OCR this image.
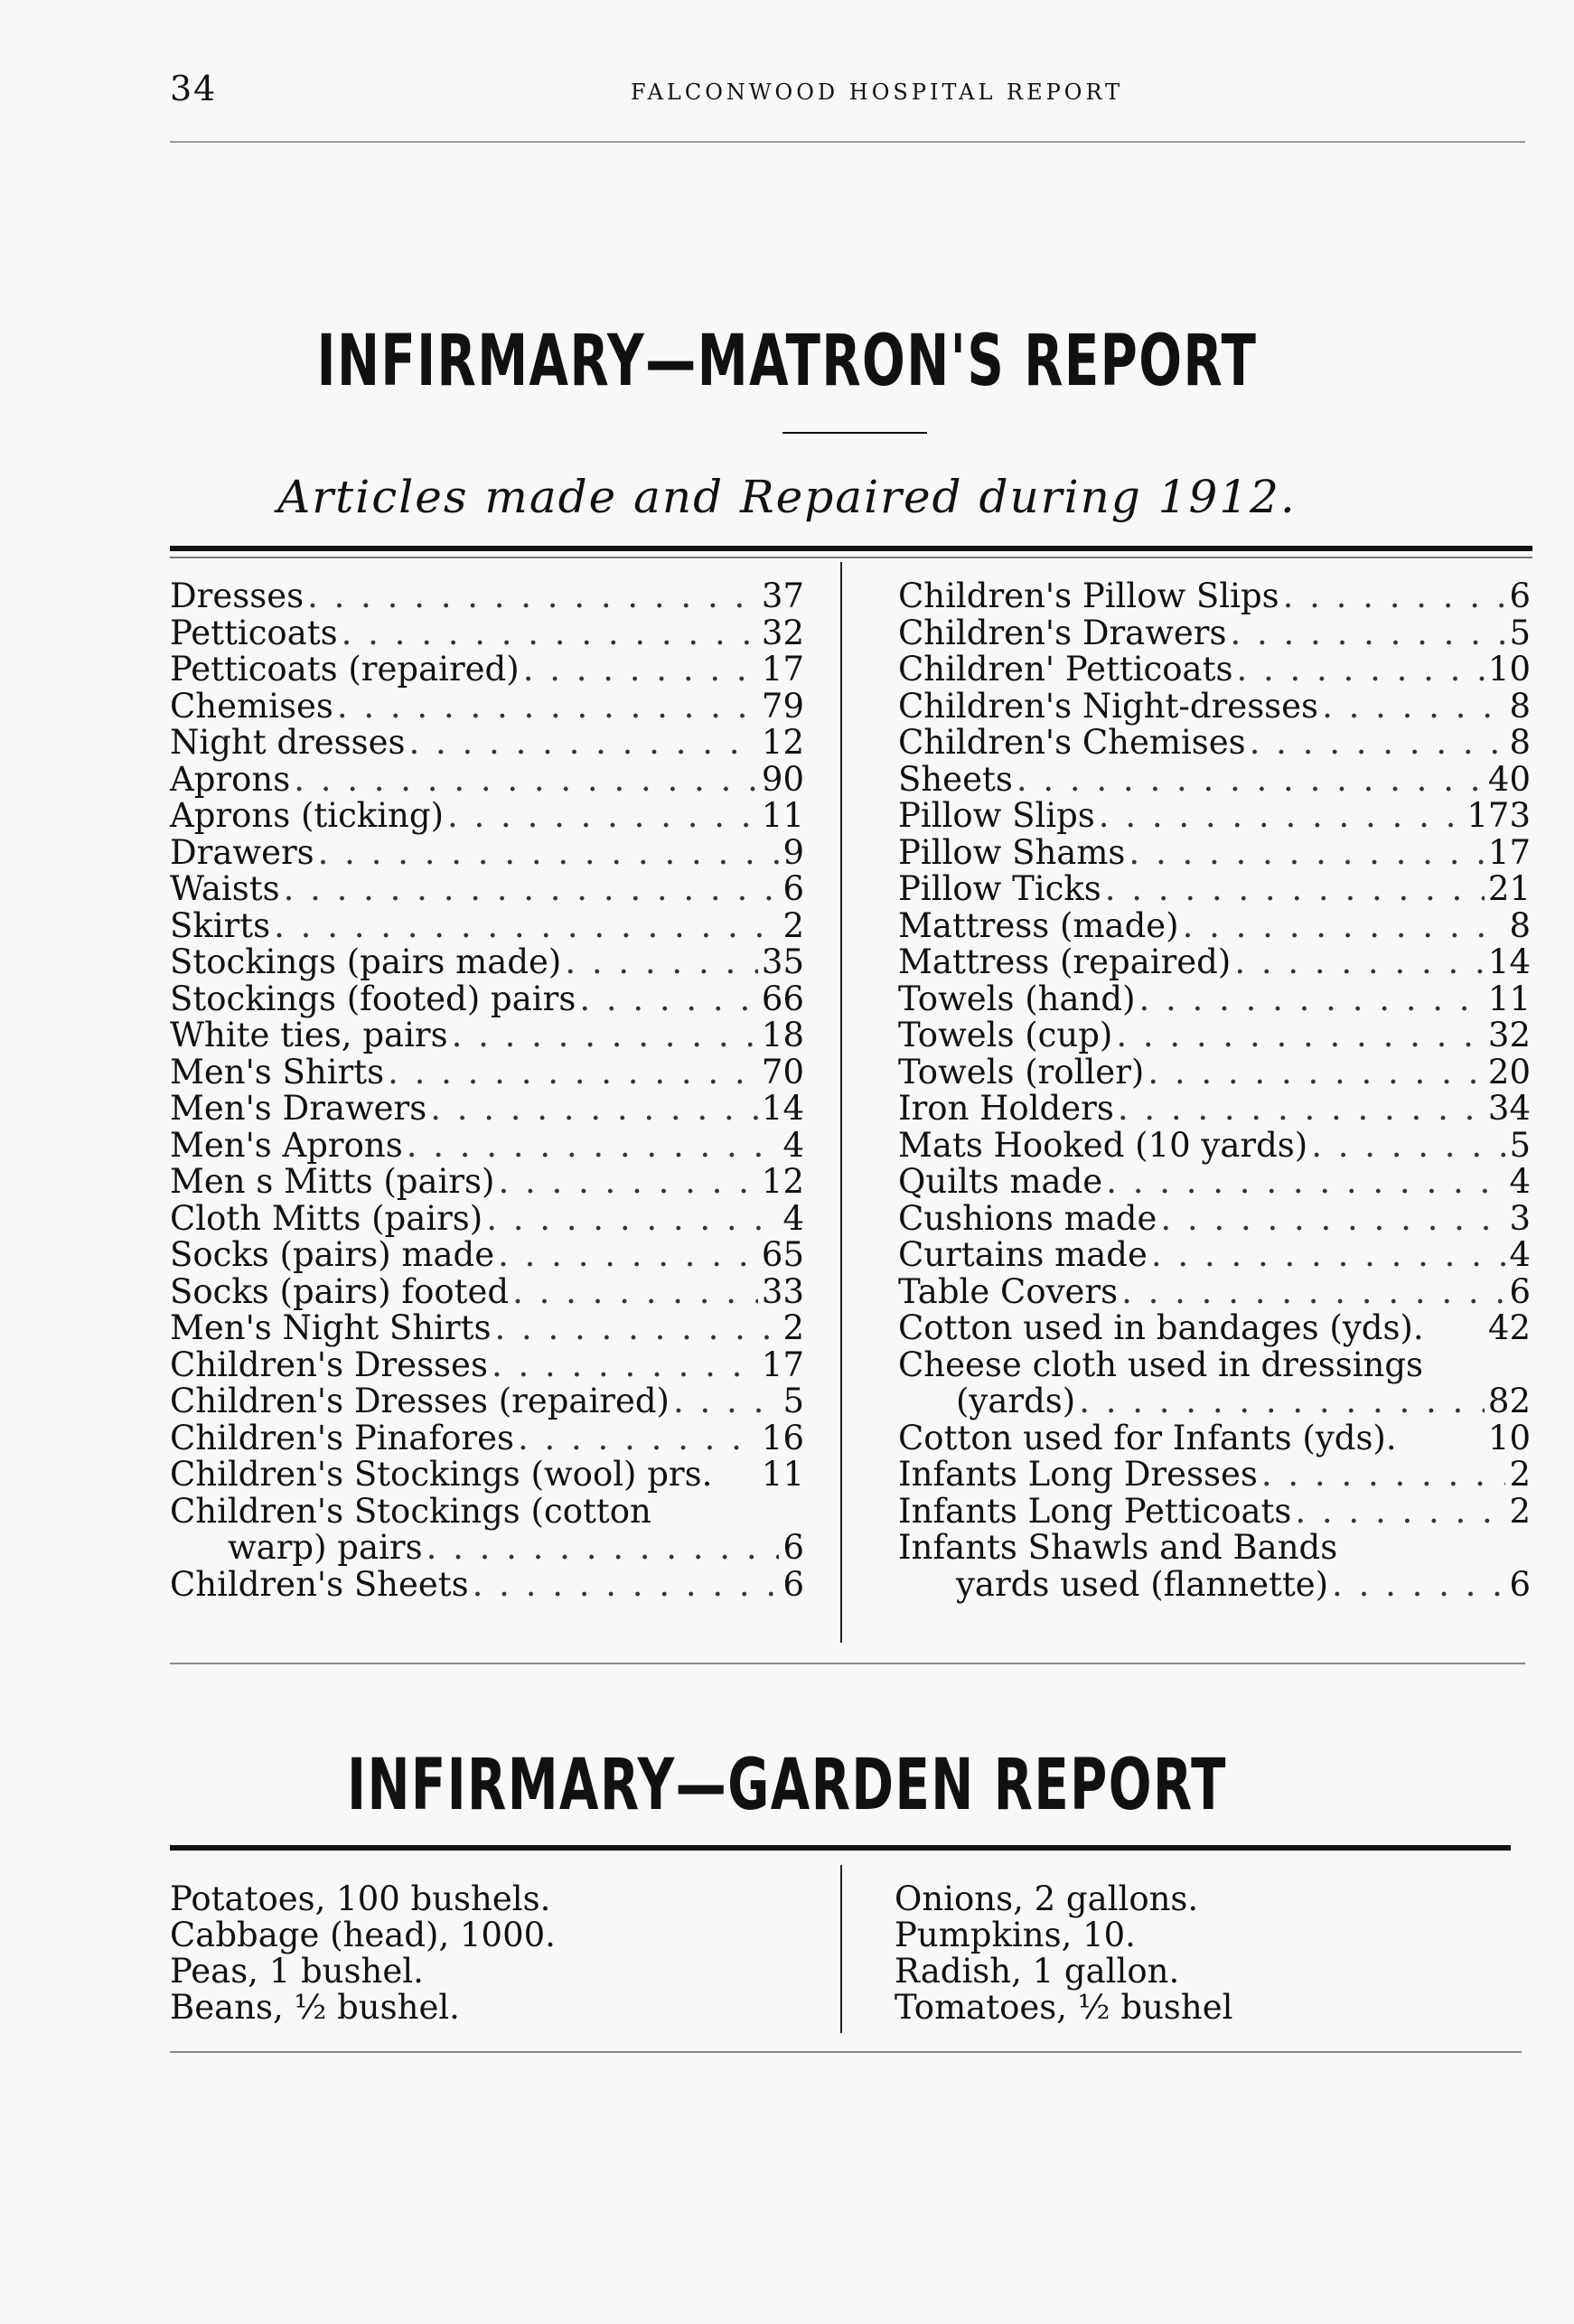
34	FALCONWOOD HOSPITAL REPORT
INFIRMARY—MATRON'S REPORT
Articles made and Repaired during 1912.
Dresses . . .	37
Petticoats . . .	32
Petticoats (repaired) . . .	17
Chemises . . .	79
Night dresses . . .	12
Aprons . . .	90
Aprons (ticking) . . .	11
Drawers . . .	9
Waists . . .	6
Skirts . . .	2
Stockings (pairs made) . . .	35
Stockings (footed) pairs . . .	66
White ties, pairs . . .	18
Men's Shirts . . .	70
Men's Drawers . . .	14
Men's Aprons . . .	4
Men s Mitts (pairs) . . .	12
Cloth Mitts (pairs) . . .	4
Socks (pairs) made . . .	65
Socks (pairs) footed . . .	33
Men's Night Shirts . . .	2
Children's Dresses . . .	17
Children's Dresses (repaired) . . .	5
Children's Pinafores . . .	16
Children's Stockings (wool) prs. 11
Children's Stockings (cotton
warp) pairs . . .	6
Children's Sheets . . .	6
Children's Pillow Slips . . .	6
Children's Drawers . . .	5
Children' Petticoats . . .	10
Children's Night-dresses . . .	8
Children's Chemises . . .	8
Sheets . . .	40
Pillow Slips . . .	173
Pillow Shams . . .	17
Pillow Ticks . . .	21
Mattress (made) . . .	8
Mattress (repaired) . . .	14
Towels (hand) . . .	11
Towels (cup) . . .	32
Towels (roller) . . .	20
Iron Holders . . .	34
Mats Hooked (10 yards) . . .	5
Quilts made . . .	4
Cushions made . . .	3
Curtains made . . .	4
Table Covers . . .	6
Cotton used in bandages (yds). 42
Cheese cloth used in dressings
(yards) . . .	82
Cotton used for Infants (yds).	10
Infants Long Dresses . . .	2
Infants Long Petticoats . . .	2
Infants Shawls and Bands
yards used (flannette) . . .	6
INFIRMARY—GARDEN REPORT
Potatoes, 100 bushels.
Cabbage (head), 1000.
Peas, 1 bushel.
Beans, ½ bushel.
Onions, 2 gallons.
Pumpkins, 10.
Radish, 1 gallon.
Tomatoes, ½ bushel
